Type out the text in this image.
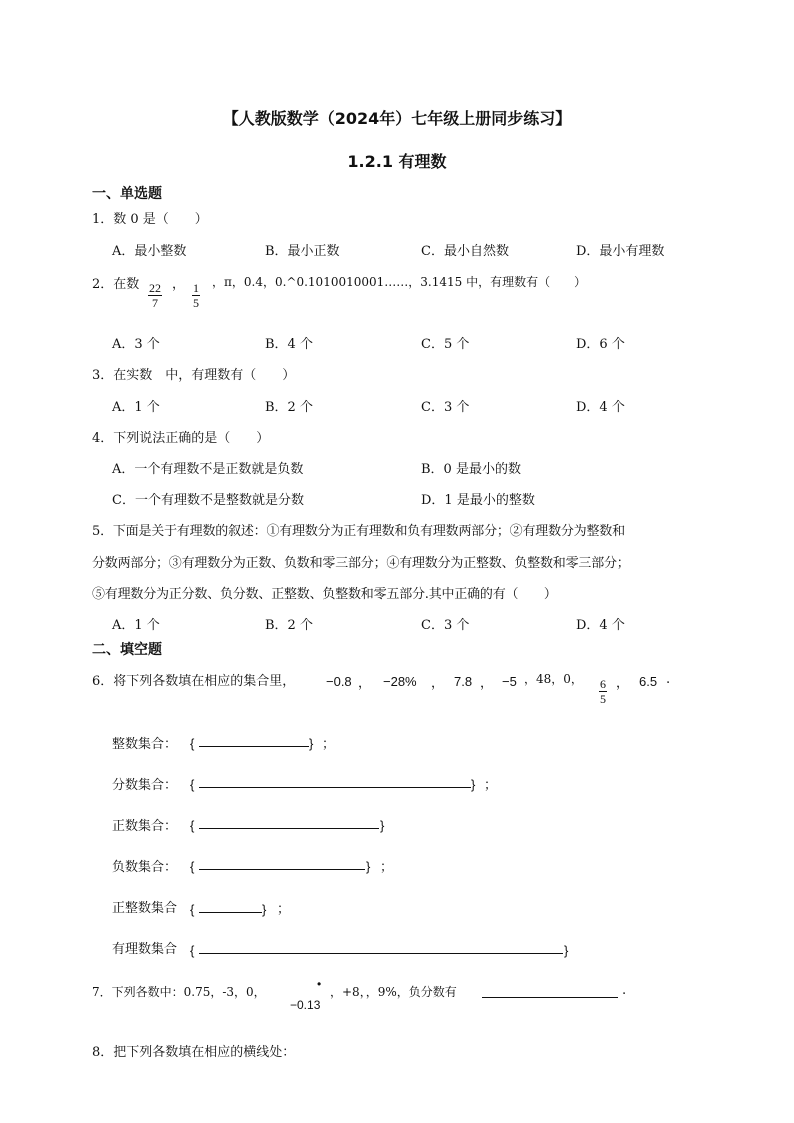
【人教版数学（2024年）七年级上册同步练习】
1.2.1 有理数
一、单选题
1．数 0 是（　　）
A．最小整数	B．最小正数	C．最小自然数	D．最小有理数
2．在数 $\frac{22}{7}$ ， $\frac{1}{5}$ ，π，0.4，0.^0.1010010001……，3.1415 中，有理数有（　　）
A．3 个	B．4 个	C．5 个	D．6 个
3．在实数　中，有理数有（　　）
A．1 个	B．2 个	C．3 个	D．4 个
4．下列说法正确的是（　　）
A．一个有理数不是正数就是负数	B．0 是最小的数
C．一个有理数不是整数就是分数	D．1 是最小的整数
5．下面是关于有理数的叙述：①有理数分为正有理数和负有理数两部分；②有理数分为整数和
分数两部分；③有理数分为正数、负数和零三部分；④有理数分为正整数、负整数和零三部分；
⑤有理数分为正分数、负分数、正整数、负整数和零五部分.其中正确的有（　　）
A．1 个	B．2 个	C．3 个	D．4 个
二、填空题
6．将下列各数填在相应的集合里， −0.8 ， −28% ， 7.8 ， −5 ，48，0， $\frac{6}{5}$ ， 6.5 .
整数集合： {	} ；
分数集合： {	} ；
正数集合： {	}
负数集合： {	} ；
正整数集合 {	} ；
有理数集合 {	}
7．下列各数中：0.75，-3，0，
•
−0.13
，+8，，9%，负分数有	.
8．把下列各数填在相应的横线处：
